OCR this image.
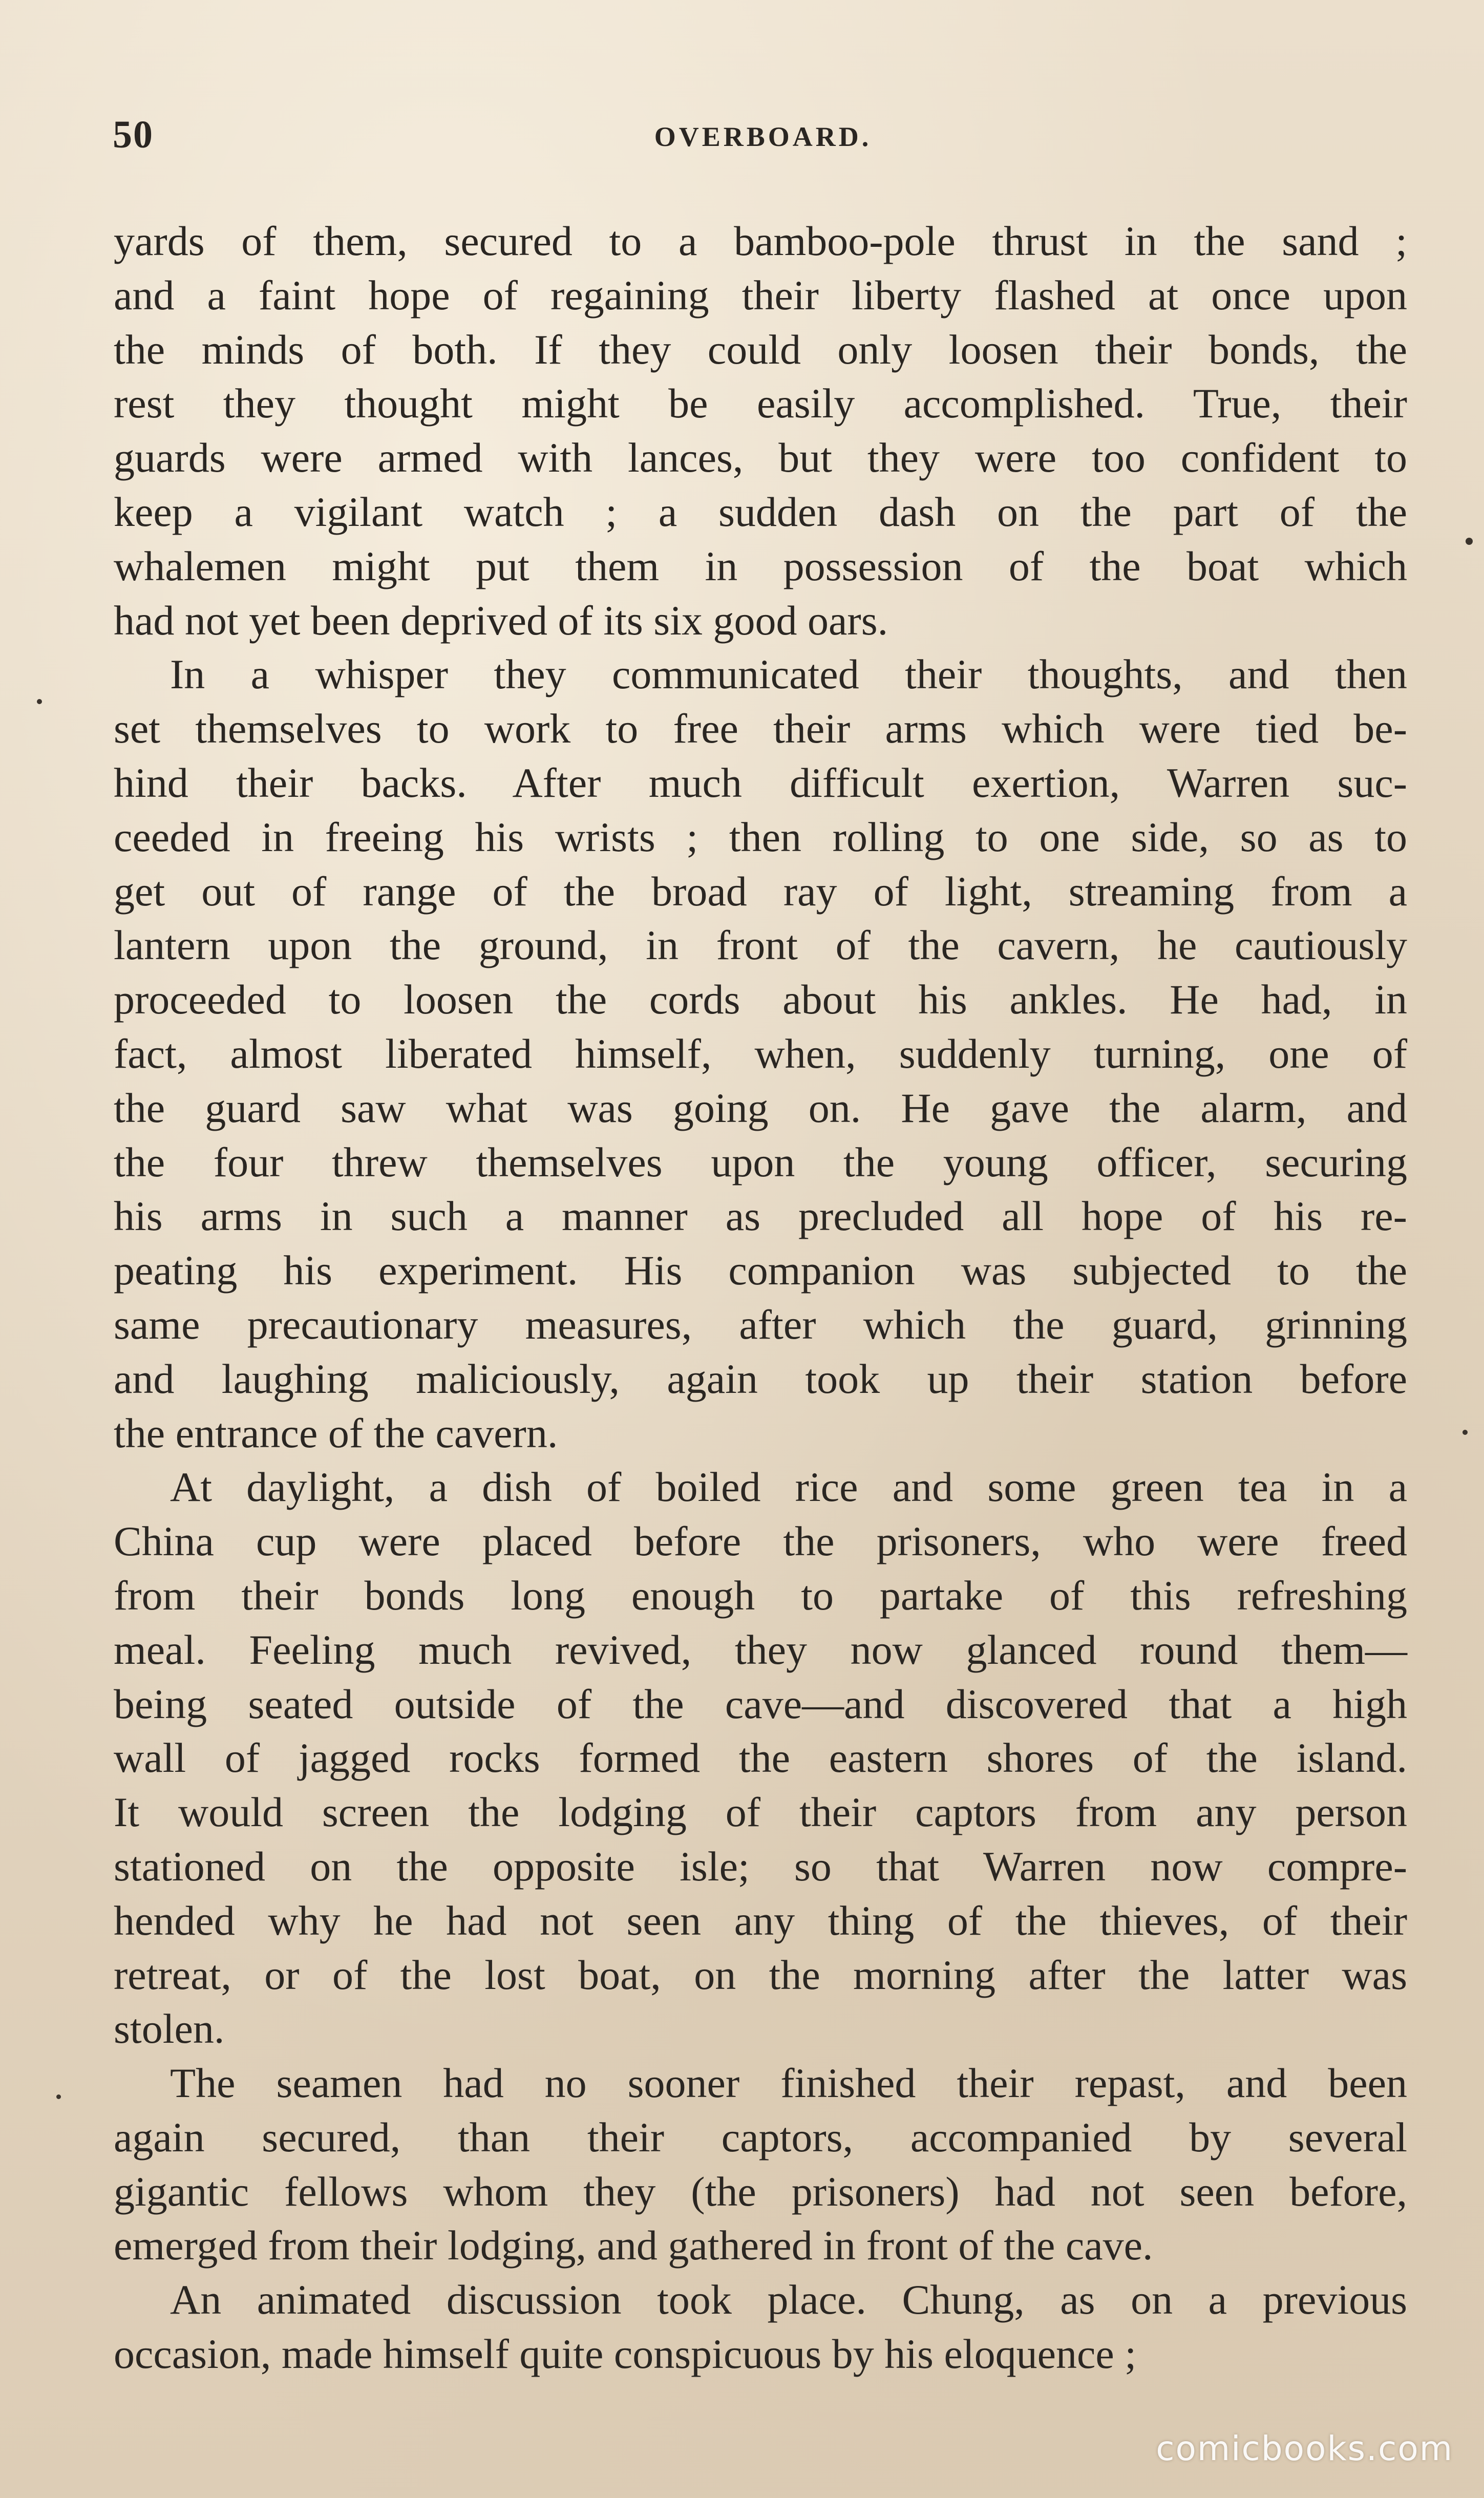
50	OVERBOARD.
yards of them, secured to a bamboo-pole thrust in the sand ;
and a faint hope of regaining their liberty flashed at once upon
the minds of both. If they could only loosen their bonds, the
rest they thought might be easily accomplished. True, their
guards were armed with lances, but they were too confident to
keep a vigilant watch ; a sudden dash on the part of the
whalemen might put them in possession of the boat which
had not yet been deprived of its six good oars.
In a whisper they communicated their thoughts, and then
set themselves to work to free their arms which were tied be-
hind their backs. After much difficult exertion, Warren suc-
ceeded in freeing his wrists ; then rolling to one side, so as to
get out of range of the broad ray of light, streaming from a
lantern upon the ground, in front of the cavern, he cautiously
proceeded to loosen the cords about his ankles. He had, in
fact, almost liberated himself, when, suddenly turning, one of
the guard saw what was going on. He gave the alarm, and
the four threw themselves upon the young officer, securing
his arms in such a manner as precluded all hope of his re-
peating his experiment. His companion was subjected to the
same precautionary measures, after which the guard, grinning
and laughing maliciously, again took up their station before
the entrance of the cavern.
At daylight, a dish of boiled rice and some green tea in a
China cup were placed before the prisoners, who were freed
from their bonds long enough to partake of this refreshing
meal. Feeling much revived, they now glanced round them—
being seated outside of the cave—and discovered that a high
wall of jagged rocks formed the eastern shores of the island.
It would screen the lodging of their captors from any person
stationed on the opposite isle; so that Warren now compre-
hended why he had not seen any thing of the thieves, of their
retreat, or of the lost boat, on the morning after the latter was
stolen.
The seamen had no sooner finished their repast, and been
again secured, than their captors, accompanied by several
gigantic fellows whom they (the prisoners) had not seen before,
emerged from their lodging, and gathered in front of the cave.
An animated discussion took place. Chung, as on a previous
occasion, made himself quite conspicuous by his eloquence ;
comicbooks.com
